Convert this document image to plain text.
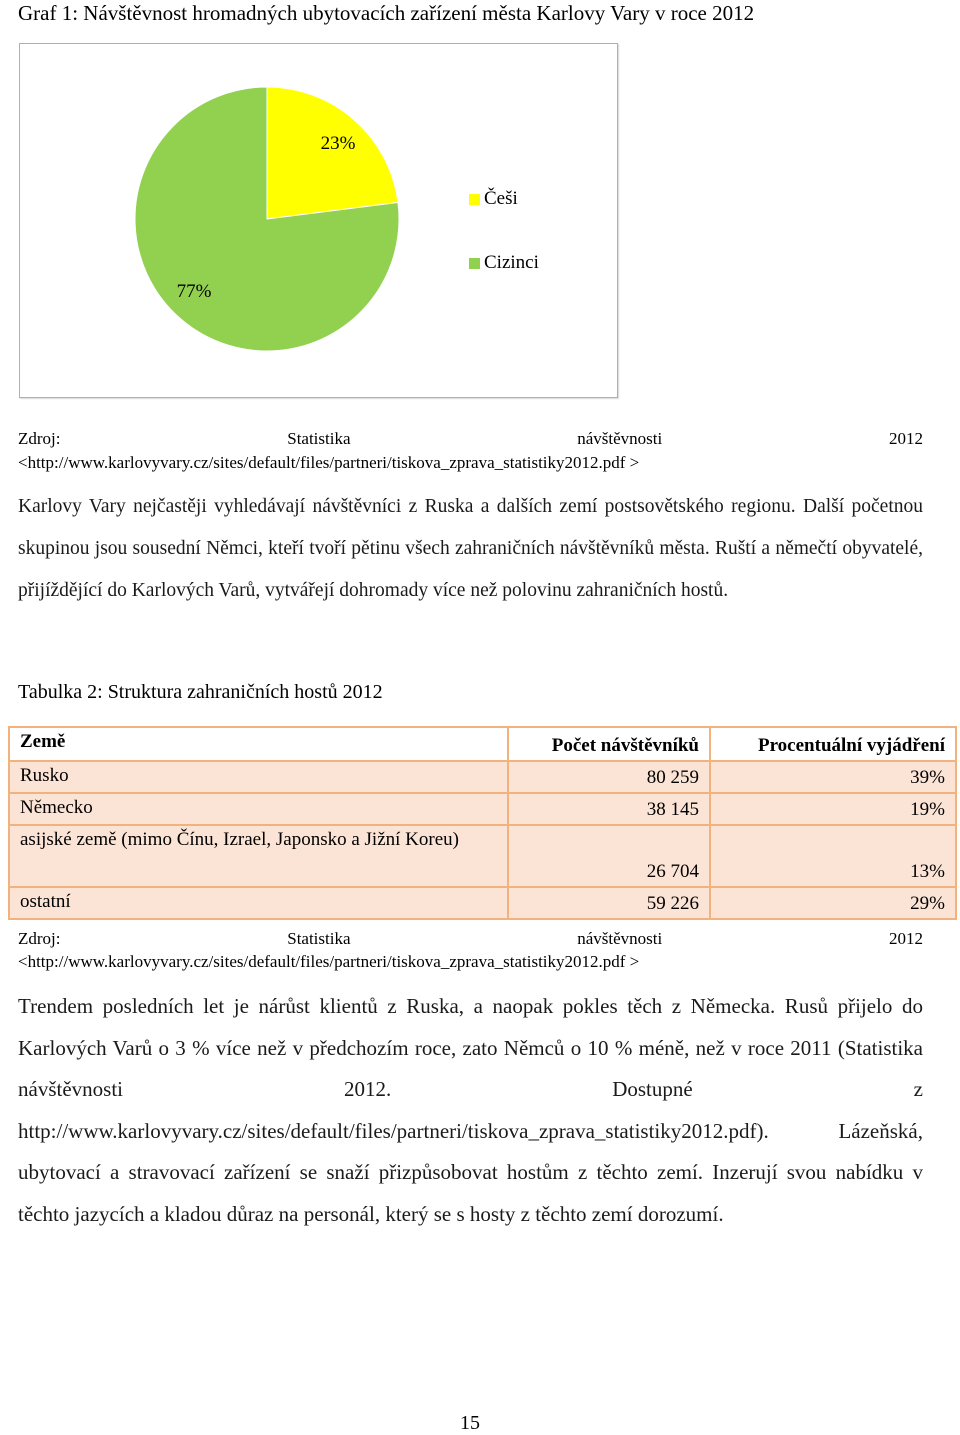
Graf 1: Návštěvnost hromadných ubytovacích zařízení města Karlovy Vary v roce 2012
23%
77%
Češi
Cizinci
Zdroj:	Statistika	návštěvnosti	2012
<http://www.karlovyvary.cz/sites/default/files/partneri/tiskova_zprava_statistiky2012.pdf >
Karlovy Vary nejčastěji vyhledávají návštěvníci z Ruska a dalších zemí postsovětského regionu. Další početnou skupinou jsou sousední Němci, kteří tvoří pětinu všech zahraničních návštěvníků města. Ruští a němečtí obyvatelé, přijíždějící do Karlových Varů, vytvářejí dohromady více než polovinu zahraničních hostů.
Tabulka 2: Struktura zahraničních hostů 2012
Země	Počet návštěvníků	Procentuální vyjádření
Rusko	80 259	39%
Německo	38 145	19%
asijské země (mimo Čínu, Izrael, Japonsko a Jižní Koreu)	26 704	13%
ostatní	59 226	29%
Zdroj:	Statistika	návštěvnosti	2012
<http://www.karlovyvary.cz/sites/default/files/partneri/tiskova_zprava_statistiky2012.pdf >
Trendem posledních let je nárůst klientů z Ruska, a naopak pokles těch z Německa. Rusů přijelo do Karlových Varů o 3 % více než v předchozím roce, zato Němců o 10 % méně, než v roce 2011 (Statistika návštěvnosti 2012. Dostupné z http://www.karlovyvary.cz/sites/default/files/partneri/tiskova_zprava_statistiky2012.pdf). Lázeňská, ubytovací a stravovací zařízení se snaží přizpůsobovat hostům z těchto zemí. Inzerují svou nabídku v těchto jazycích a kladou důraz na personál, který se s hosty z těchto zemí dorozumí.
15
